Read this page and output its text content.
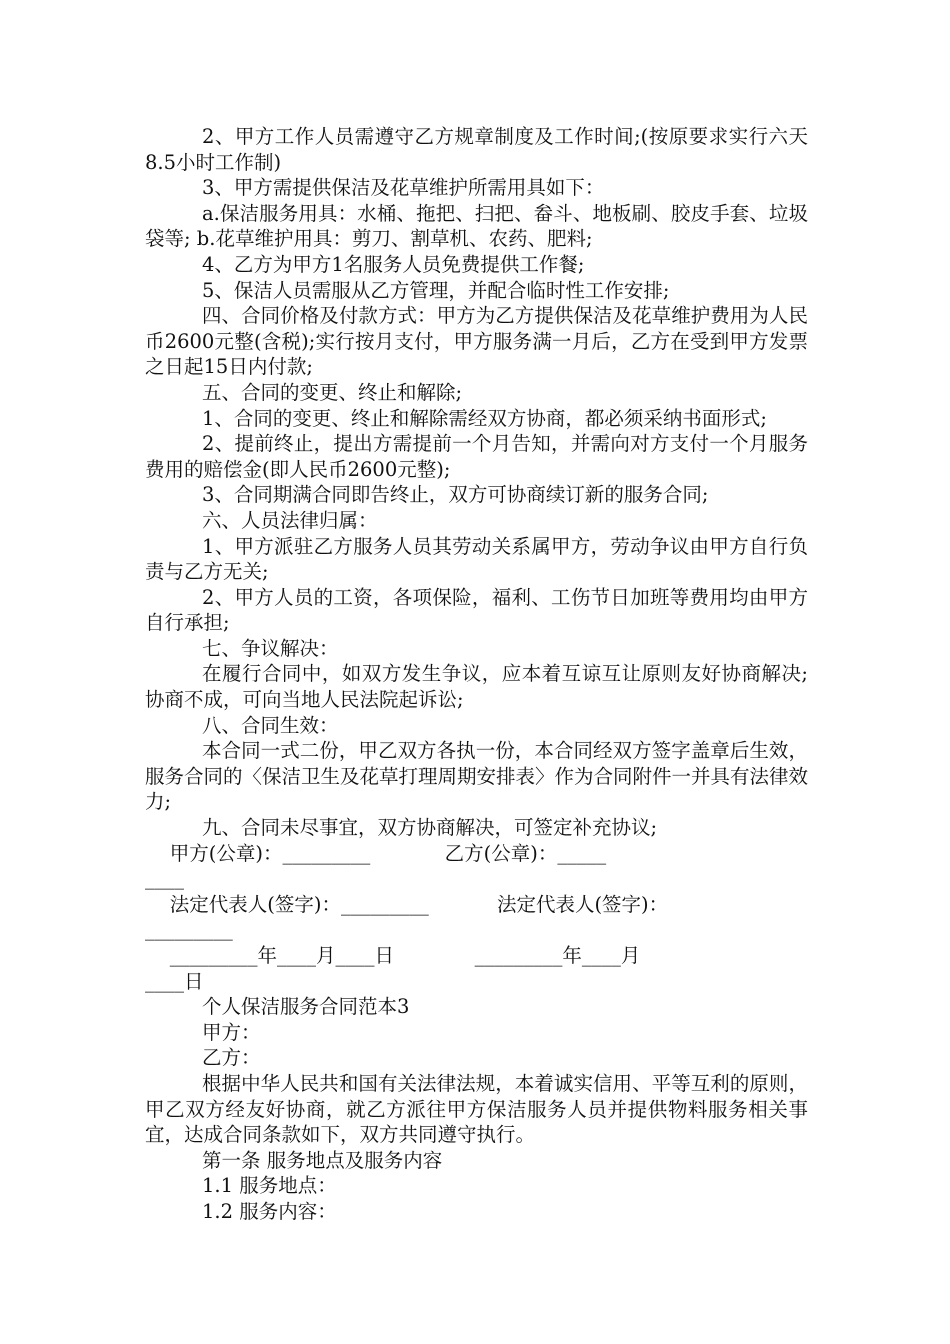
2、甲方工作人员需遵守乙方规章制度及工作时间;(按原要求实行六天8.5小时工作制)

3、甲方需提供保洁及花草维护所需用具如下：

a.保洁服务用具：水桶、拖把、扫把、畚斗、地板刷、胶皮手套、垃圾袋等; b.花草维护用具：剪刀、割草机、农药、肥料;

4、乙方为甲方1名服务人员免费提供工作餐;

5、保洁人员需服从乙方管理，并配合临时性工作安排;

四、合同价格及付款方式：甲方为乙方提供保洁及花草维护费用为人民币2600元整(含税);实行按月支付，甲方服务满一月后，乙方在受到甲方发票之日起15日内付款;

五、合同的变更、终止和解除;

1、合同的变更、终止和解除需经双方协商，都必须采纳书面形式;

2、提前终止，提出方需提前一个月告知，并需向对方支付一个月服务费用的赔偿金(即人民币2600元整);

3、合同期满合同即告终止，双方可协商续订新的服务合同;

六、人员法律归属：

1、甲方派驻乙方服务人员其劳动关系属甲方，劳动争议由甲方自行负责与乙方无关;

2、甲方人员的工资，各项保险，福利、工伤节日加班等费用均由甲方自行承担;

七、争议解决：

在履行合同中，如双方发生争议，应本着互谅互让原则友好协商解决;协商不成，可向当地人民法院起诉讼;

八、合同生效：

本合同一式二份，甲乙双方各执一份，本合同经双方签字盖章后生效，服务合同的〈保洁卫生及花草打理周期安排表〉作为合同附件一并具有法律效力;

九、合同未尽事宜，双方协商解决，可签定补充协议;

甲方(公章)：_________            乙方(公章)：_____

____

法定代表人(签字)：_________           法定代表人(签字)：

_________

_________年____月____日             _________年____月

____日

个人保洁服务合同范本3

甲方：

乙方：

根据中华人民共和国有关法律法规，本着诚实信用、平等互利的原则，甲乙双方经友好协商，就乙方派往甲方保洁服务人员并提供物料服务相关事宜，达成合同条款如下，双方共同遵守执行。

第一条 服务地点及服务内容

1.1 服务地点：

1.2 服务内容：
